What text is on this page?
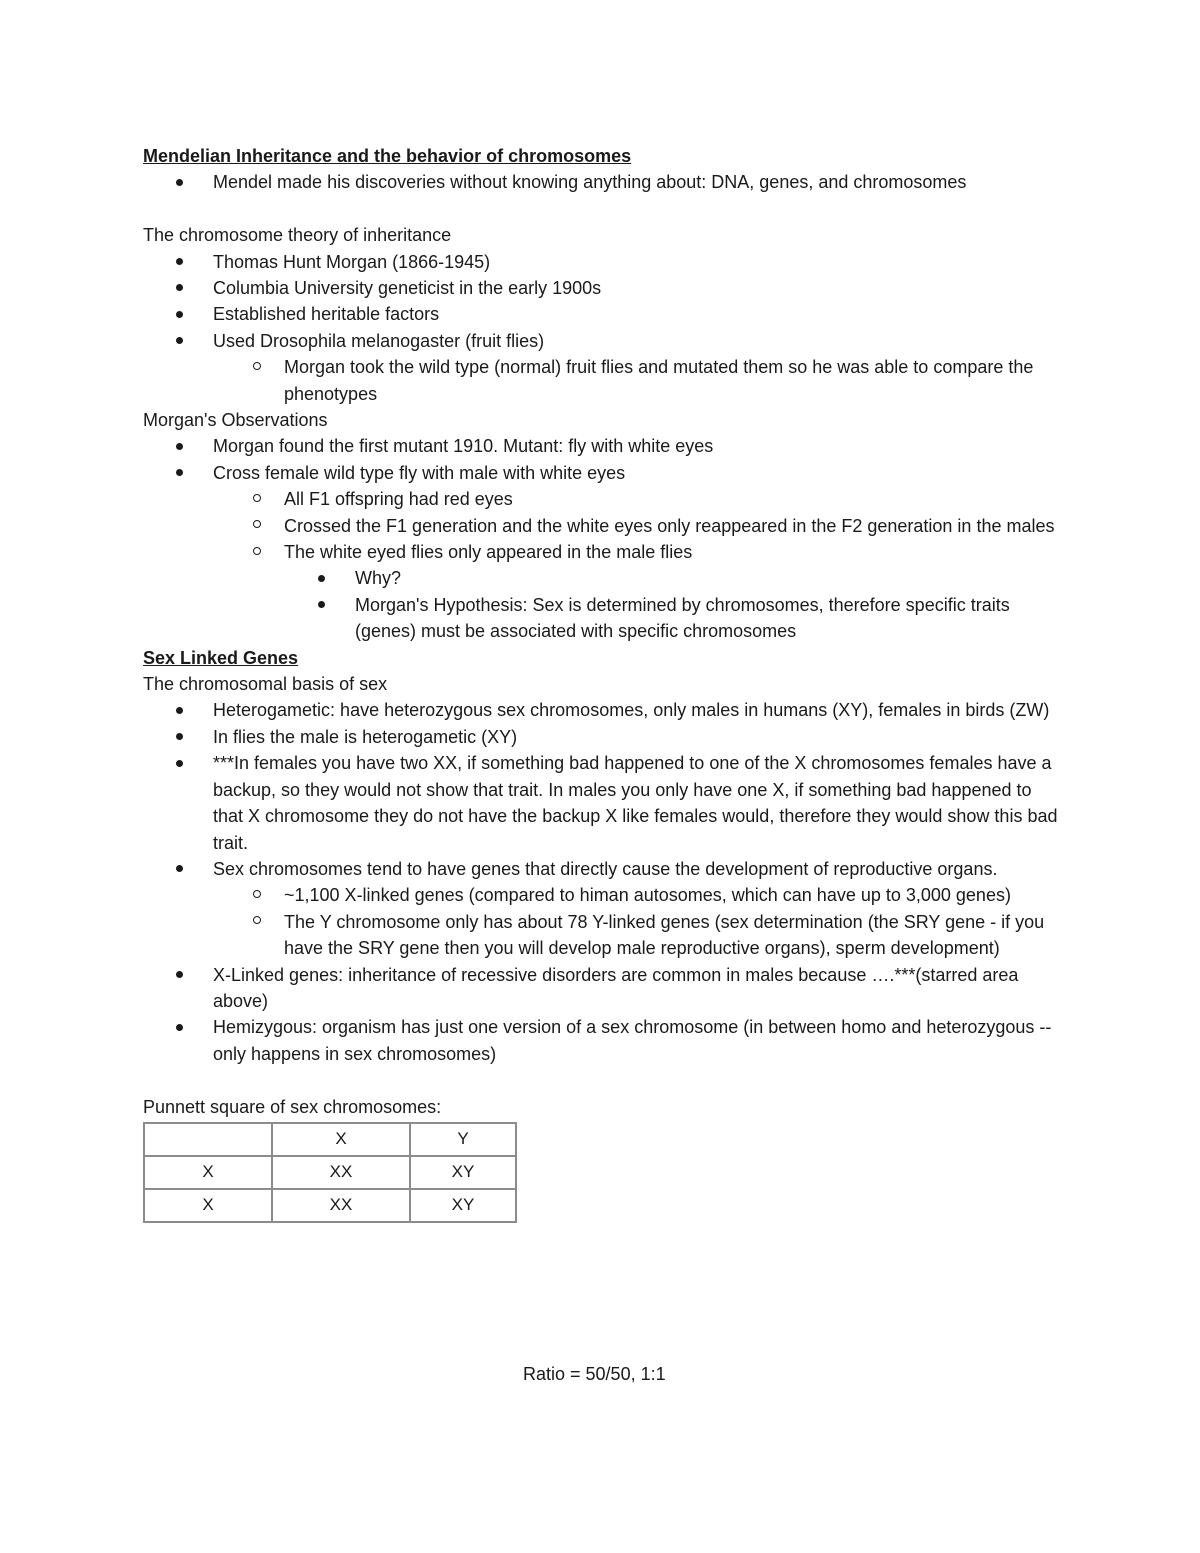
Mendelian Inheritance and the behavior of chromosomes

Mendel made his discoveries without knowing anything about: DNA, genes, and chromosomes

The chromosome theory of inheritance

Thomas Hunt Morgan (1866-1945)
Columbia University geneticist in the early 1900s
Established heritable factors
Used Drosophila melanogaster (fruit flies)
Morgan took the wild type (normal) fruit flies and mutated them so he was able to compare the phenotypes

Morgan's Observations

Morgan found the first mutant 1910. Mutant: fly with white eyes
Cross female wild type fly with male with white eyes
All F1 offspring had red eyes
Crossed the F1 generation and the white eyes only reappeared in the F2 generation in the males
The white eyed flies only appeared in the male flies
Why?
Morgan's Hypothesis: Sex is determined by chromosomes, therefore specific traits (genes) must be associated with specific chromosomes

Sex Linked Genes

The chromosomal basis of sex

Heterogametic: have heterozygous sex chromosomes, only males in humans (XY), females in birds (ZW)
In flies the male is heterogametic (XY)
***In females you have two XX, if something bad happened to one of the X chromosomes females have a backup, so they would not show that trait. In males you only have one X, if something bad happened to that X chromosome they do not have the backup X like females would, therefore they would show this bad trait.
Sex chromosomes tend to have genes that directly cause the development of reproductive organs.
~1,100 X-linked genes (compared to himan autosomes, which can have up to 3,000 genes)
The Y chromosome only has about 78 Y-linked genes (sex determination (the SRY gene - if you have the SRY gene then you will develop male reproductive organs), sperm development)
X-Linked genes: inheritance of recessive disorders are common in males because ….***(starred area above)
Hemizygous: organism has just one version of a sex chromosome (in between homo and heterozygous -- only happens in sex chromosomes)

Punnett square of sex chromosomes:

	X	Y
X	XX	XY
X	XX	XY
Ratio = 50/50, 1:1
